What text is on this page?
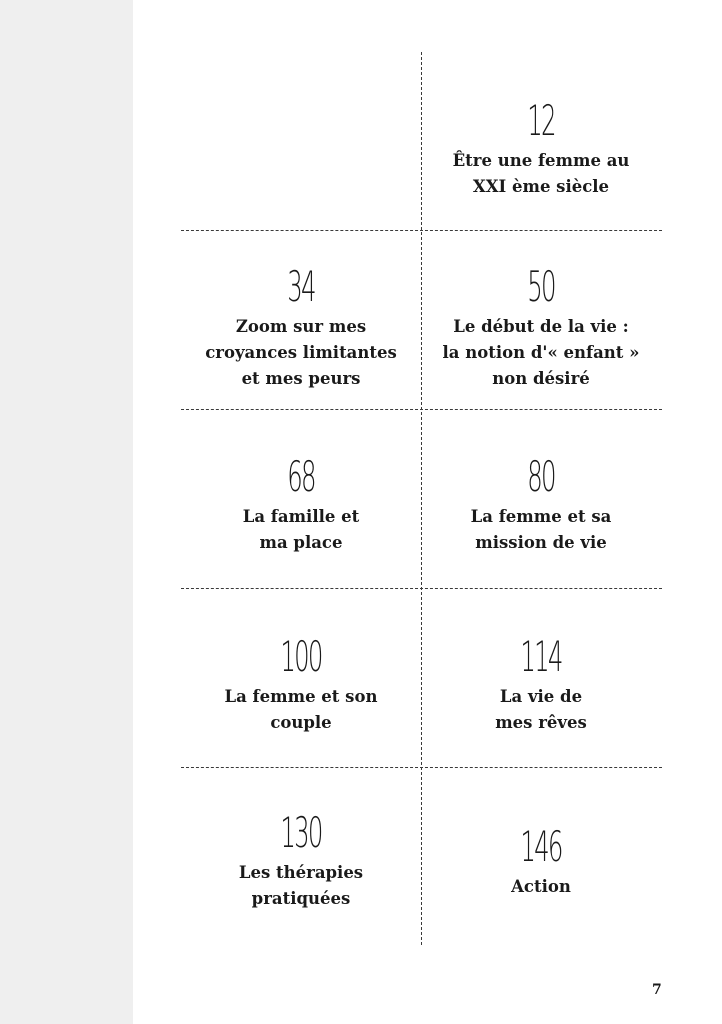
12
Être une femme au
XXI ème siècle
34
Zoom sur mes
croyances limitantes
et mes peurs
50
Le début de la vie :
la notion d'« enfant »
non désiré
68
La famille et
ma place
80
La femme et sa
mission de vie
100
La femme et son
couple
114
La vie de
mes rêves
130
Les thérapies
pratiquées
146
Action
7
